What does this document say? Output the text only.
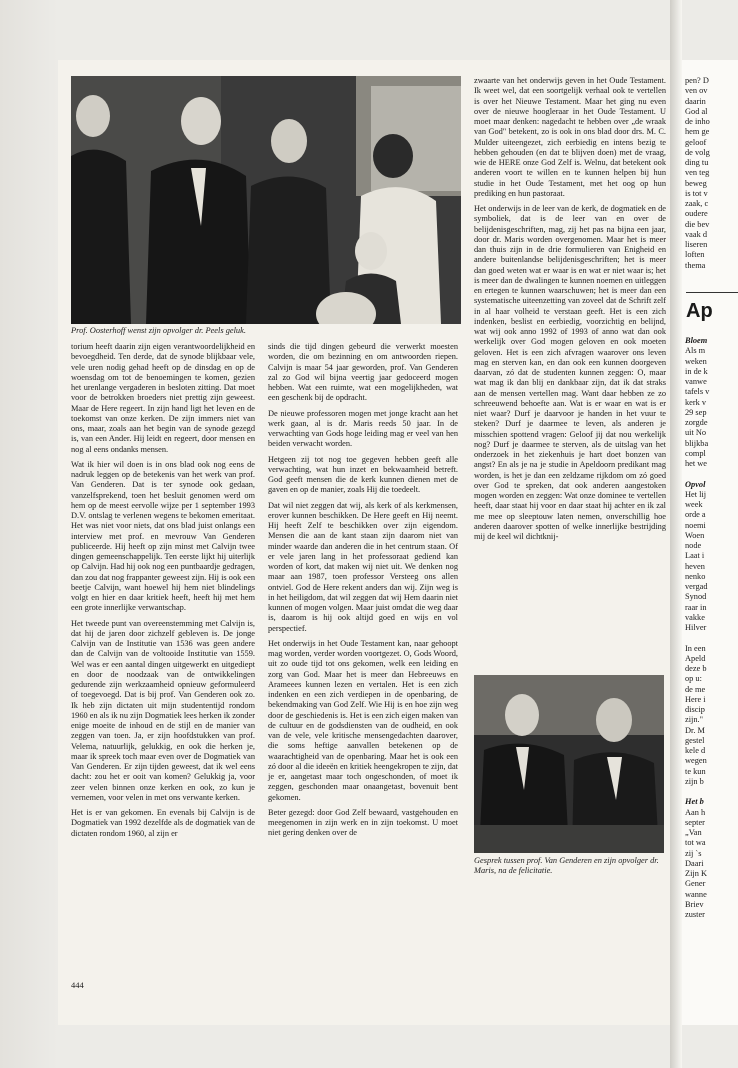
Prof. Oosterhoff wenst zijn opvolger dr. Peels geluk.

torium heeft daarin zijn eigen verantwoordelijkheid en bevoegdheid. Ten derde, dat de synode blijkbaar vele, vele uren nodig gehad heeft op de dinsdag en op de woensdag om tot de benoemingen te komen, gezien het urenlange vergaderen in besloten zitting. Dat moet voor de betrokken broeders niet prettig zijn geweest. Maar de Here regeert. In zijn hand ligt het leven en de toekomst van onze kerken. De zijn immers niet van ons, maar, zoals aan het begin van de synode gezegd is, van een Ander. Hij leidt en regeert, door mensen en nog al eens ondanks mensen.

Wat ik hier wil doen is in ons blad ook nog eens de nadruk leggen op de betekenis van het werk van prof. Van Genderen. Dat is ter synode ook gedaan, vanzelfsprekend, toen het besluit genomen werd om hem op de meest eervolle wijze per 1 september 1993 D.V. ontslag te verlenen wegens te bekomen emeritaat. Het was niet voor niets, dat ons blad juist onlangs een interview met prof. en mevrouw Van Genderen publiceerde. Hij heeft op zijn minst met Calvijn twee dingen gemeenschappelijk. Ten eerste lijkt hij uiterlijk op Calvijn. Had hij ook nog een puntbaardje gedragen, dan zou dat nog frappanter geweest zijn. Hij is ook een beetje Calvijn, want hoewel hij hem niet blindelings volgt en hier en daar kritiek heeft, heeft hij met hem een grote innerlijke verwantschap.

Het tweede punt van overeenstemming met Calvijn is, dat hij de jaren door zichzelf gebleven is. De jonge Calvijn van de Institutie van 1536 was geen andere dan de Calvijn van de voltooide Institutie van 1559. Wel was er een aantal dingen uitgewerkt en uitgediept en door de noodzaak van de ontwikkelingen gedurende zijn werkzaamheid opnieuw geformuleerd of toegevoegd. Dat is bij prof. Van Genderen ook zo. Ik heb zijn dictaten uit mijn studententijd rondom 1960 en als ik nu zijn Dogmatiek lees herken ik zonder enige moeite de inhoud en de stijl en de manier van zeggen van toen. Ja, er zijn hoofdstukken van prof. Velema, natuurlijk, gelukkig, en ook die herken je, maar ik spreek toch maar even over de Dogmatiek van Van Genderen. Er zijn tijden geweest, dat ik wel eens dacht: zou het er ooit van komen? Gelukkig ja, voor zeer velen binnen onze kerken en ook, zo kun je vernemen, voor velen in met ons verwante kerken.

Het is er van gekomen. En evenals bij Calvijn is de Dogmatiek van 1992 dezelfde als de dogmatiek van de dictaten rondom 1960, al zijn er

sinds die tijd dingen gebeurd die verwerkt moesten worden, die om bezinning en om antwoorden riepen. Calvijn is maar 54 jaar geworden, prof. Van Genderen zal zo God wil bijna veertig jaar gedoceerd mogen hebben. Wat een ruimte, wat een mogelijkheden, wat een geschenk bij de opdracht.

De nieuwe professoren mogen met jonge kracht aan het werk gaan, al is dr. Maris reeds 50 jaar. In de verwachting van Gods hoge leiding mag er veel van hen beiden verwacht worden.

Hetgeen zij tot nog toe gegeven hebben geeft alle verwachting, wat hun inzet en bekwaamheid betreft. God geeft mensen die de kerk kunnen dienen met de gaven en op de manier, zoals Hij die toedeelt.

Dat wil niet zeggen dat wij, als kerk of als kerkmensen, erover kunnen beschikken. De Here geeft en Hij neemt. Hij heeft Zelf te beschikken over zijn eigendom. Mensen die aan de kant staan zijn daarom niet van minder waarde dan anderen die in het centrum staan. Of er vele jaren lang in het professoraat gediend kan worden of kort, dat maken wij niet uit. We denken nog maar aan 1987, toen professor Versteeg ons allen ontviel. God de Here rekent anders dan wij. Zijn weg is in het heiligdom, dat wil zeggen dat wij Hem daarin niet kunnen of mogen volgen. Maar juist omdat die weg daar is, daarom is hij ook altijd goed en wijs en vol perspectief.

Het onderwijs in het Oude Testament kan, naar gehoopt mag worden, verder worden voortgezet. O, Gods Woord, uit zo oude tijd tot ons gekomen, welk een leiding en zorg van God. Maar het is meer dan Hebreeuws en Arameees kunnen lezen en vertalen. Het is een zich indenken en een zich verdiepen in de openbaring, de bekendmaking van God Zelf. Wie Hij is en hoe zijn weg door de geschiedenis is. Het is een zich eigen maken van de cultuur en de godsdiensten van de oudheid, en ook van de vele, vele kritische mensengedachten daarover, die soms heftige aanvallen betekenen op de waarachtigheid van de openbaring. Maar het is ook een zó door al die ideeën en kritiek heengekropen te zijn, dat je er, aangetast maar toch ongeschonden, of moet ik zeggen, geschonden maar onaangetast, bovenuit bent gekomen.

Beter gezegd: door God Zelf bewaard, vastgehouden en meegenomen in zijn werk en in zijn toekomst. U moet niet gering denken over de

zwaarte van het onderwijs geven in het Oude Testament. Ik weet wel, dat een soortgelijk verhaal ook te vertellen is over het Nieuwe Testament. Maar het ging nu even over de nieuwe hoogleraar in het Oude Testament. U moet maar denken: nagedacht te hebben over „de wraak van God" betekent, zo is ook in ons blad door drs. M. C. Mulder uiteengezet, zich eerbiedig en intens bezig te hebben gehouden (en dat te blijven doen) met de vraag, wie de HERE onze God Zelf is. Welnu, dat betekent ook anderen voort te willen en te kunnen helpen bij hun studie in het Oude Testament, met het oog op hun prediking en hun pastoraat.

Het onderwijs in de leer van de kerk, de dogmatiek en de symboliek, dat is de leer van en over de belijdenisgeschriften, mag, zij het pas na bijna een jaar, door dr. Maris worden overgenomen. Maar het is meer dan thuis zijn in de drie formulieren van Enigheid en andere buitenlandse belijdenisgeschriften; het is meer dan goed weten wat er waar is en wat er niet waar is; het is meer dan de dwalingen te kunnen noemen en uitleggen en ertegen te kunnen waarschuwen; het is meer dan een systematische uiteenzetting van zoveel dat de Schrift zelf in al haar volheid te verstaan geeft. Het is een zich indenken, beslist en eerbiedig, voorzichtig en belijnd, wat wij ook anno 1992 of 1993 of anno wat dan ook werkelijk over God mogen geloven en ook moeten geloven. Het is een zich afvragen waarover ons leven mag en sterven kan, en dan ook een kunnen doorgeven daarvan, zó dat de studenten kunnen zeggen: O, maar wat mag ik dan blij en dankbaar zijn, dat ik dat straks aan de mensen vertellen mag. Want daar hebben ze zo schreeuwend behoefte aan. Wat is er waar en wat is er niet waar? Durf je daarvoor je handen in het vuur te steken? Durf je daarmee te leven, als anderen je misschien spottend vragen: Geloof jij dat nou werkelijk nog? Durf je daarmee te sterven, als de uitslag van het onderzoek in het ziekenhuis je hart doet bonzen van angst? En als je na je studie in Apeldoorn predikant mag worden, is het je dan een zeldzame rijkdom om zó goed over God te spreken, dat ook anderen aangestoken mogen worden en zeggen: Wat onze dominee te vertellen heeft, daar staat hij voor en daar staat hij achter en ik zal me mee op sleeptouw laten nemen, onverschillig hoe anderen daarover spotten of welke innerlijke bestrijding mij de keel wil dichtknij-

Gesprek tussen prof. Van Genderen en zijn opvolger dr. Maris, na de felicitatie.
444
pen? D
ven ov
daarin
God al
de inho
hem ge
geloof
de volg
ding tu
ven teg
beweg
is tot v
zaak, c
oudere
die bev
vaak d
liseren
loften
thema
Ap
Bloem
Als m
weken
in de k
vanwe
tafels v
kerk v
29 sep
zorgde
uit No
blijkba
compl
het we

Opvol
Het lij
week
orde a
noemi
Woen
node
Laat i
heven
nenko
vergad
Synod
raar in
vakke
Hilver

In een
Apeld
deze b
op u:
de me
Here i
discip
zijn."
Dr. M
gestel
kele d
wegen
te kun
zijn b

Het b
Aan h
septer
„Van
tot wa
zij `s
Daari
Zijn K
Gener
wanne
Briev
zuster
